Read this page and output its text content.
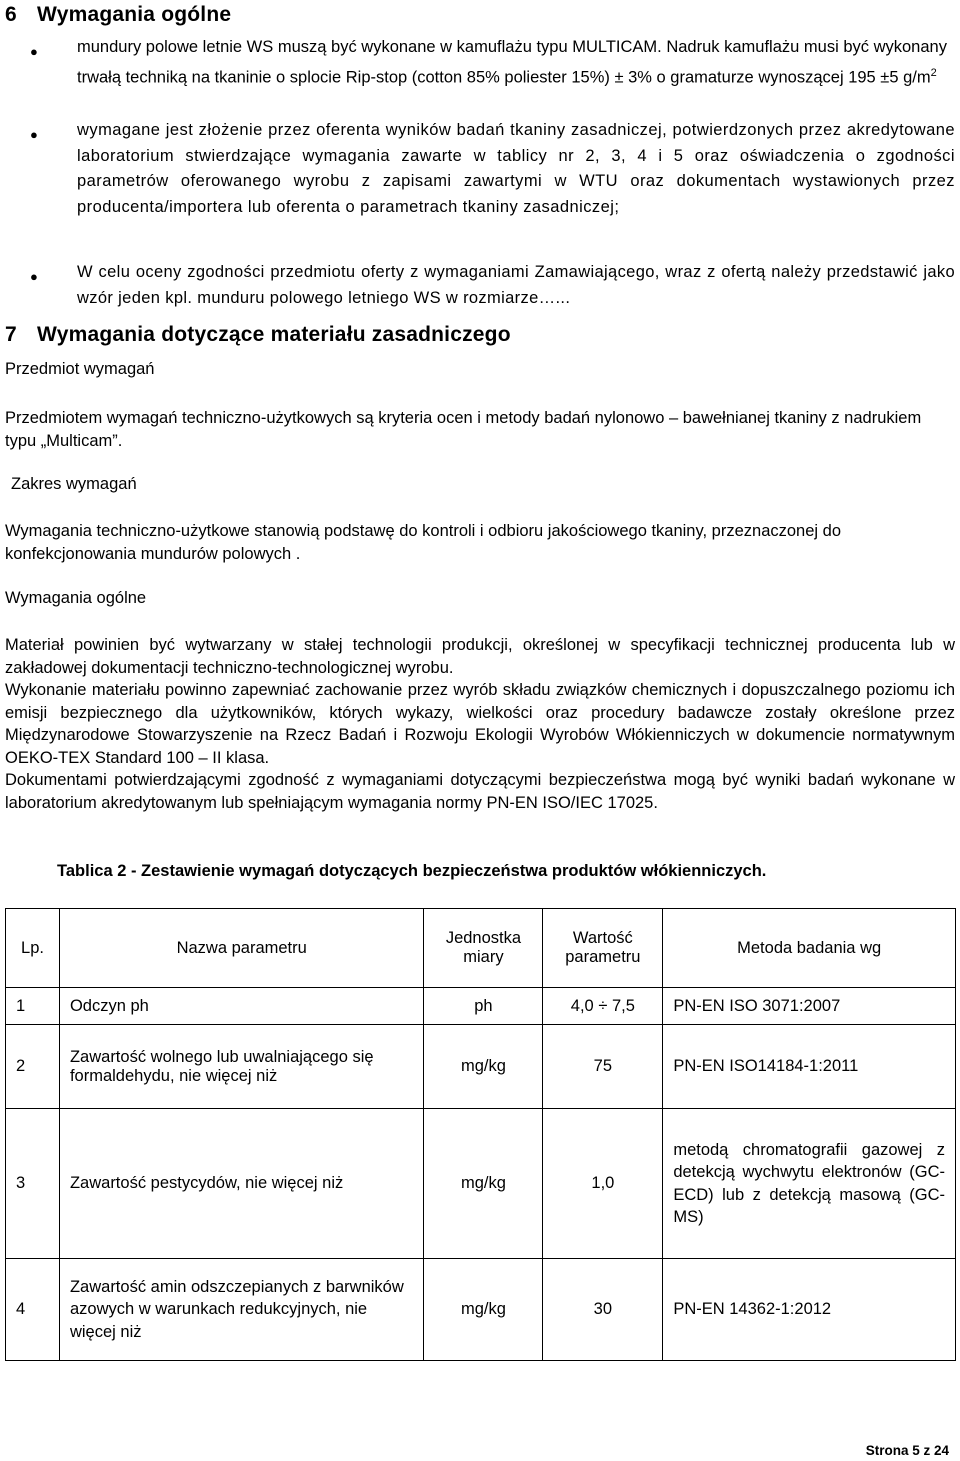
6 Wymagania ogólne
● mundury polowe letnie WS muszą być wykonane w kamuflażu typu MULTICAM. Nadruk kamuflażu musi być wykonany trwałą techniką na tkaninie o splocie Rip-stop (cotton 85% poliester 15%) ± 3% o gramaturze wynoszącej 195 ±5 $g/m^2$
● wymagane jest złożenie przez oferenta wyników badań tkaniny zasadniczej, potwierdzonych przez akredytowane laboratorium stwierdzające wymagania zawarte w tablicy nr 2, 3, 4 i 5 oraz oświadczenia o zgodności parametrów oferowanego wyrobu z zapisami zawartymi w WTU oraz dokumentach wystawionych przez producenta/importera lub oferenta o parametrach tkaniny zasadniczej;
● W celu oceny zgodności przedmiotu oferty z wymaganiami Zamawiającego, wraz z ofertą należy przedstawić jako wzór jeden kpl. munduru polowego letniego WS w rozmiarze…...
7 Wymagania dotyczące materiału zasadniczego
Przedmiot wymagań
Przedmiotem wymagań techniczno-użytkowych są kryteria ocen i metody badań nylonowo – bawełnianej tkaniny z nadrukiem typu „Multicam”.
Zakres wymagań
Wymagania techniczno-użytkowe stanowią podstawę do kontroli i odbioru jakościowego tkaniny, przeznaczonej do konfekcjonowania mundurów polowych .
Wymagania ogólne
Materiał powinien być wytwarzany w stałej technologii produkcji, określonej w specyfikacji technicznej producenta lub w zakładowej dokumentacji techniczno-technologicznej wyrobu.
Wykonanie materiału powinno zapewniać zachowanie przez wyrób składu związków chemicznych i dopuszczalnego poziomu ich emisji bezpiecznego dla użytkowników, których wykazy, wielkości oraz procedury badawcze zostały określone przez Międzynarodowe Stowarzyszenie na Rzecz Badań i Rozwoju Ekologii Wyrobów Włókienniczych w dokumencie normatywnym OEKO-TEX Standard 100 – II klasa.
Dokumentami potwierdzającymi zgodność z wymaganiami dotyczącymi bezpieczeństwa mogą być wyniki badań wykonane w laboratorium akredytowanym lub spełniającym wymagania normy PN-EN ISO/IEC 17025.
Tablica 2 - Zestawienie wymagań dotyczących bezpieczeństwa produktów włókienniczych.
Lp.	Nazwa parametru	Jednostka miary	Wartość parametru	Metoda badania wg
1	Odczyn ph	ph	4,0 ÷ 7,5	PN-EN ISO 3071:2007
2	Zawartość wolnego lub uwalniającego się formaldehydu, nie więcej niż	mg/kg	75	PN-EN ISO14184-1:2011
3	Zawartość pestycydów, nie więcej niż	mg/kg	1,0	metodą chromatografii gazowej z detekcją wychwytu elektronów (GC-ECD) lub z detekcją masową (GC-MS)
4	Zawartość amin odszczepianych z barwników azowych w warunkach redukcyjnych, nie więcej niż	mg/kg	30	PN-EN 14362-1:2012
Strona 5 z 24
